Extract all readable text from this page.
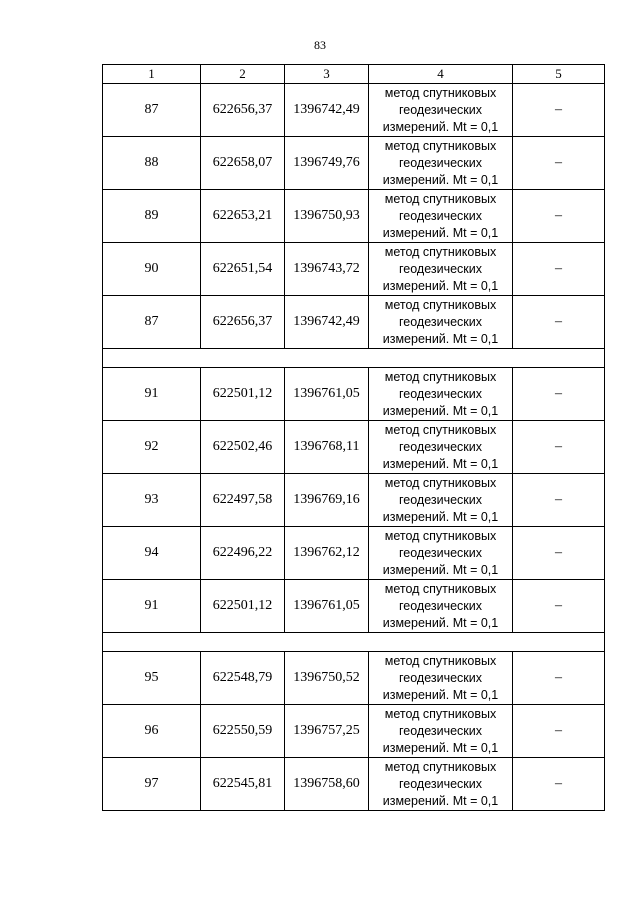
83
1	2	3	4	5
87	622656,37	1396742,49	метод спутниковых
геодезических
измерений. Mt = 0,1	–
88	622658,07	1396749,76	метод спутниковых
геодезических
измерений. Mt = 0,1	–
89	622653,21	1396750,93	метод спутниковых
геодезических
измерений. Mt = 0,1	–
90	622651,54	1396743,72	метод спутниковых
геодезических
измерений. Mt = 0,1	–
87	622656,37	1396742,49	метод спутниковых
геодезических
измерений. Mt = 0,1	–

91	622501,12	1396761,05	метод спутниковых
геодезических
измерений. Mt = 0,1	–
92	622502,46	1396768,11	метод спутниковых
геодезических
измерений. Mt = 0,1	–
93	622497,58	1396769,16	метод спутниковых
геодезических
измерений. Mt = 0,1	–
94	622496,22	1396762,12	метод спутниковых
геодезических
измерений. Mt = 0,1	–
91	622501,12	1396761,05	метод спутниковых
геодезических
измерений. Mt = 0,1	–

95	622548,79	1396750,52	метод спутниковых
геодезических
измерений. Mt = 0,1	–
96	622550,59	1396757,25	метод спутниковых
геодезических
измерений. Mt = 0,1	–
97	622545,81	1396758,60	метод спутниковых
геодезических
измерений. Mt = 0,1	–
